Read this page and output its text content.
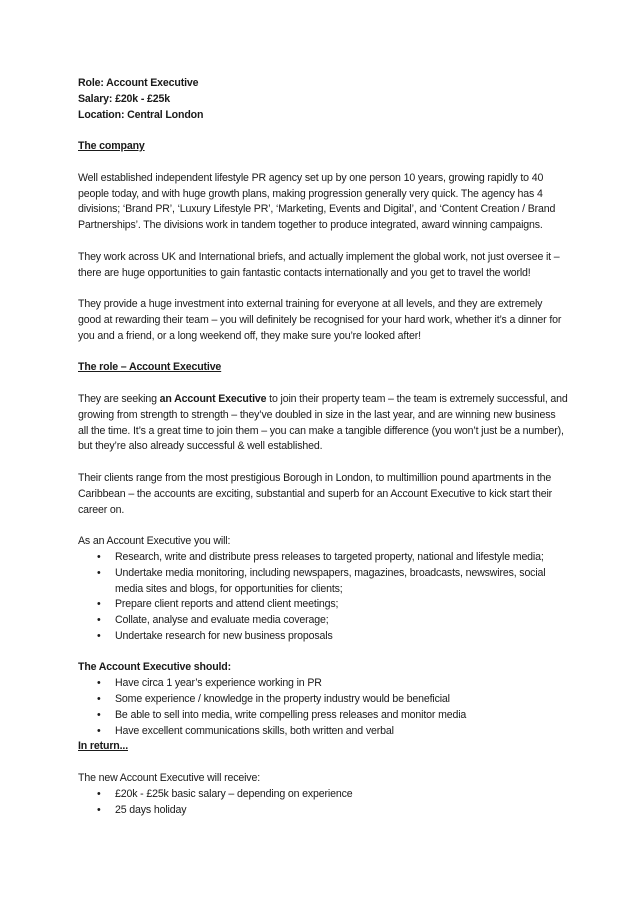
Role: Account Executive

Salary: £20k - £25k

Location: Central London

The company

Well established independent lifestyle PR agency set up by one person 10 years, growing rapidly to 40 people today, and with huge growth plans, making progression generally very quick. The agency has 4 divisions; ‘Brand PR’, ‘Luxury Lifestyle PR’, ‘Marketing, Events and Digital’, and ‘Content Creation / Brand Partnerships’. The divisions work in tandem together to produce integrated, award winning campaigns.

They work across UK and International briefs, and actually implement the global work, not just oversee it – there are huge opportunities to gain fantastic contacts internationally and you get to travel the world!

They provide a huge investment into external training for everyone at all levels, and they are extremely good at rewarding their team – you will definitely be recognised for your hard work, whether it’s a dinner for you and a friend, or a long weekend off, they make sure you’re looked after!

The role – Account Executive

They are seeking an Account Executive to join their property team – the team is extremely successful, and growing from strength to strength – they’ve doubled in size in the last year, and are winning new business all the time. It’s a great time to join them – you can make a tangible difference (you won’t just be a number), but they’re also already successful & well established.

Their clients range from the most prestigious Borough in London, to multimillion pound apartments in the Caribbean – the accounts are exciting, substantial and superb for an Account Executive to kick start their career on.

As an Account Executive you will:

• Research, write and distribute press releases to targeted property, national and lifestyle media;
• Undertake media monitoring, including newspapers, magazines, broadcasts, newswires, social media sites and blogs, for opportunities for clients;
• Prepare client reports and attend client meetings;
• Collate, analyse and evaluate media coverage;
• Undertake research for new business proposals

The Account Executive should:

• Have circa 1 year’s experience working in PR
• Some experience / knowledge in the property industry would be beneficial
• Be able to sell into media, write compelling press releases and monitor media
• Have excellent communications skills, both written and verbal

In return...

The new Account Executive will receive:

• £20k - £25k basic salary – depending on experience
• 25 days holiday
